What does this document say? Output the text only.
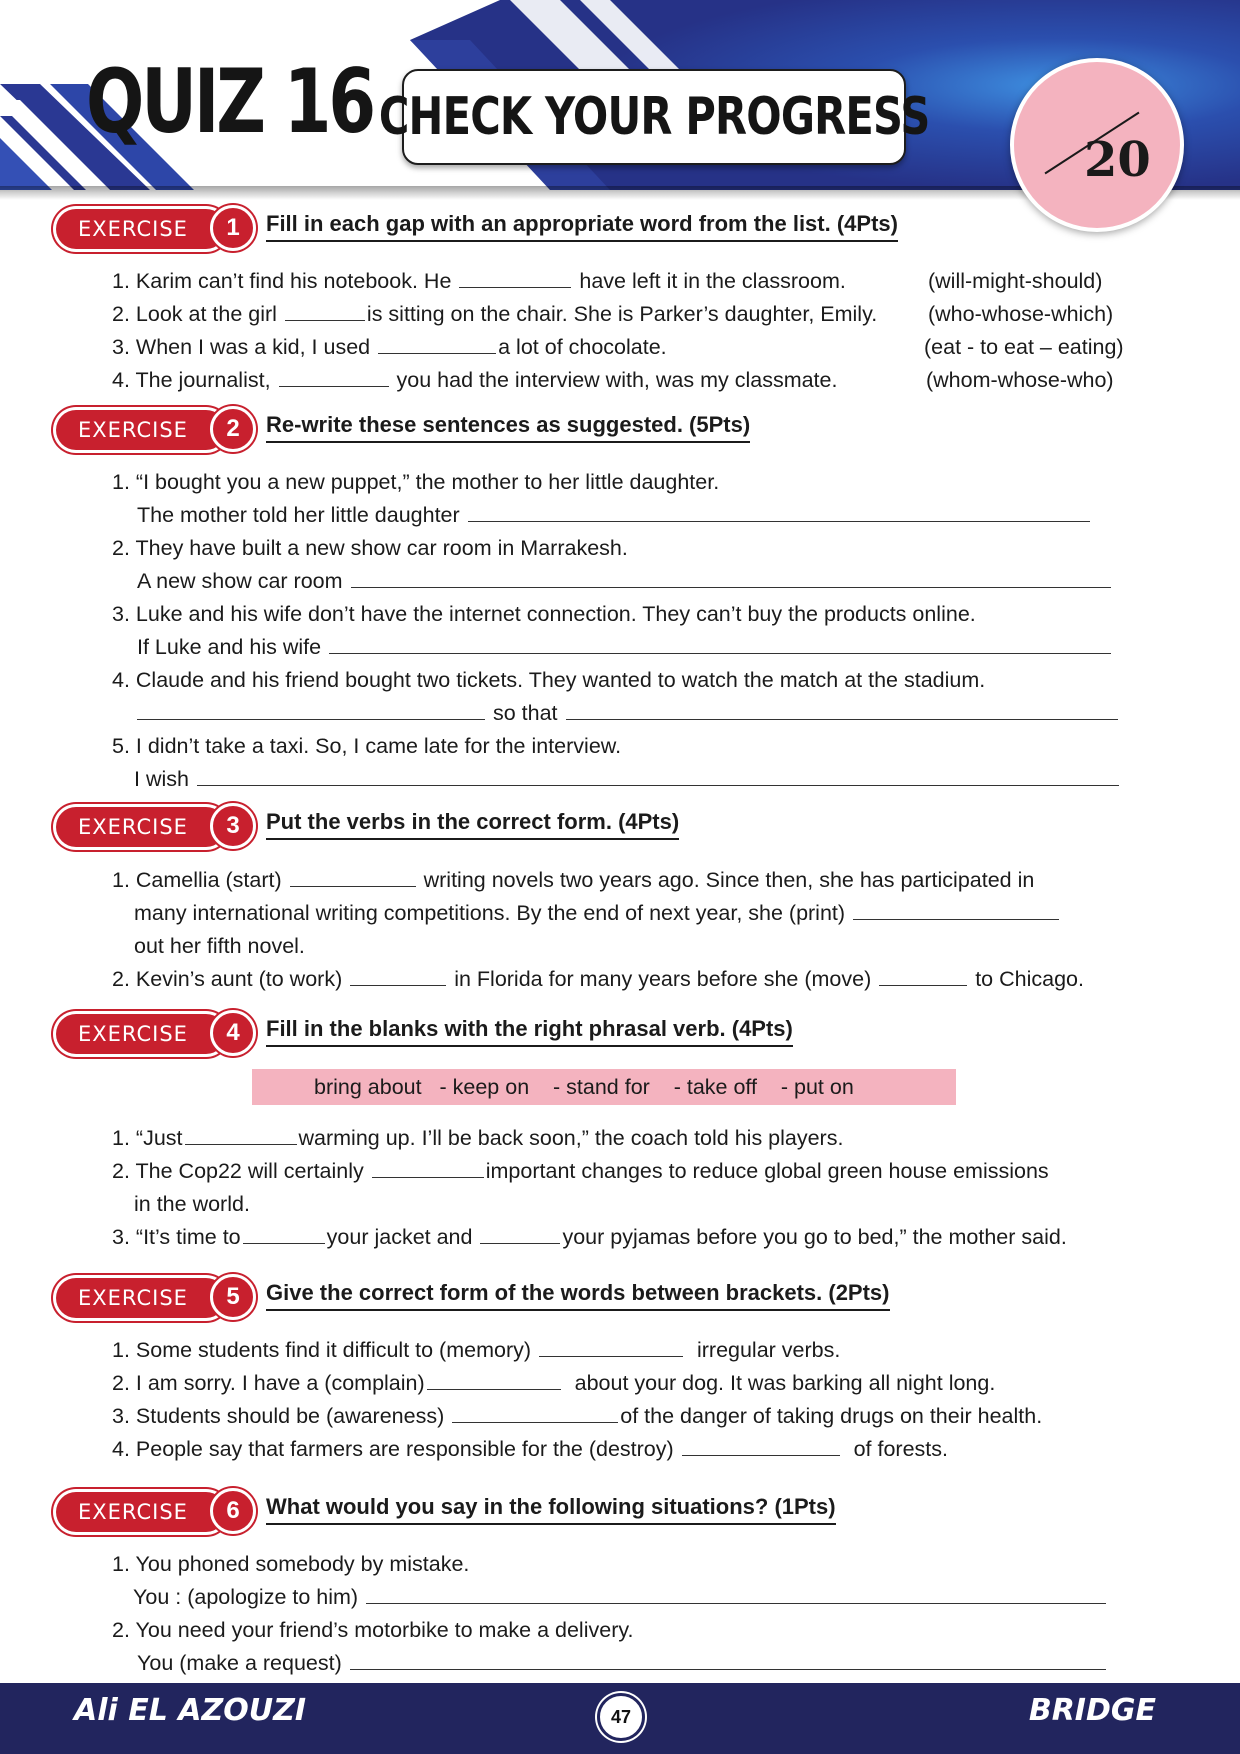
QUIZ 16 CHECK YOUR PROGRESS
20
EXERCISE	1	Fill in each gap with an appropriate word from the list. (4Pts)
1. Karim can’t find his notebook. He	have left it in the classroom.	(will-might-should)
2. Look at the girl	is sitting on the chair. She is Parker’s daughter, Emily. (who-whose-which)
3. When I was a kid, I used	a lot of chocolate.	(eat - to eat – eating)
4. The journalist,	you had the interview with, was my classmate.	(whom-whose-who)
EXERCISE	2	Re-write these sentences as suggested. (5Pts)
1. “I bought you a new puppet,” the mother to her little daughter.
The mother told her little daughter
2. They have built a new show car room in Marrakesh.
A new show car room
3. Luke and his wife don’t have the internet connection. They can’t buy the products online.
If Luke and his wife
4. Claude and his friend bought two tickets. They wanted to watch the match at the stadium.
so that
5. I didn’t take a taxi. So, I came late for the interview.
I wish
EXERCISE	3	Put the verbs in the correct form. (4Pts)
1. Camellia (start)	writing novels two years ago. Since then, she has participated in
many international writing competitions. By the end of next year, she (print)
out her fifth novel.
2. Kevin’s aunt (to work)	in Florida for many years before she (move)	to Chicago.
EXERCISE	4	Fill in the blanks with the right phrasal verb. (4Pts)
bring about   - keep on    - stand for    - take off    - put on
1. “Just	warming up. I’ll be back soon,” the coach told his players.
2. The Cop22 will certainly	important changes to reduce global green house emissions
in the world.
3. “It’s time to	your jacket and	your pyjamas before you go to bed,” the mother said.
EXERCISE	5	Give the correct form of the words between brackets. (2Pts)
1. Some students find it difficult to (memory)	irregular verbs.
2. I am sorry. I have a (complain)	about your dog. It was barking all night long.
3. Students should be (awareness)	of the danger of taking drugs on their health.
4. People say that farmers are responsible for the (destroy)	of forests.
EXERCISE	6	What would you say in the following situations? (1Pts)
1. You phoned somebody by mistake.
You : (apologize to him)
2. You need your friend’s motorbike to make a delivery.
You (make a request)
Ali EL AZOUZI	47	BRIDGE
